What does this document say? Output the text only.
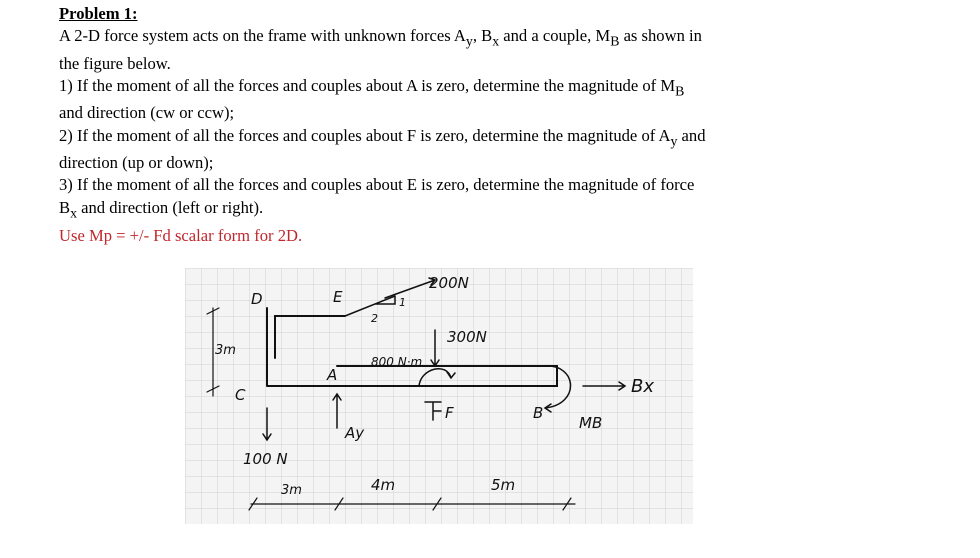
Problem 1:
A 2-D force system acts on the frame with unknown forces $A_y$, $B_x$ and a couple, $M_B$ as shown in
the figure below.
1) If the moment of all the forces and couples about A is zero, determine the magnitude of $M_B$
and direction (cw or ccw);
2) If the moment of all the forces and couples about F is zero, determine the magnitude of $A_y$ and
direction (up or down);
3) If the moment of all the forces and couples about E is zero, determine the magnitude of force
$B_x$ and direction (left or right).
Use Mp = +/- Fd scalar form for 2D.
D	E
A
C
B
F
2
1
200N
300N
800 N·m
100 N
Ay
Bx
MB
3m
3m	4m	5m
